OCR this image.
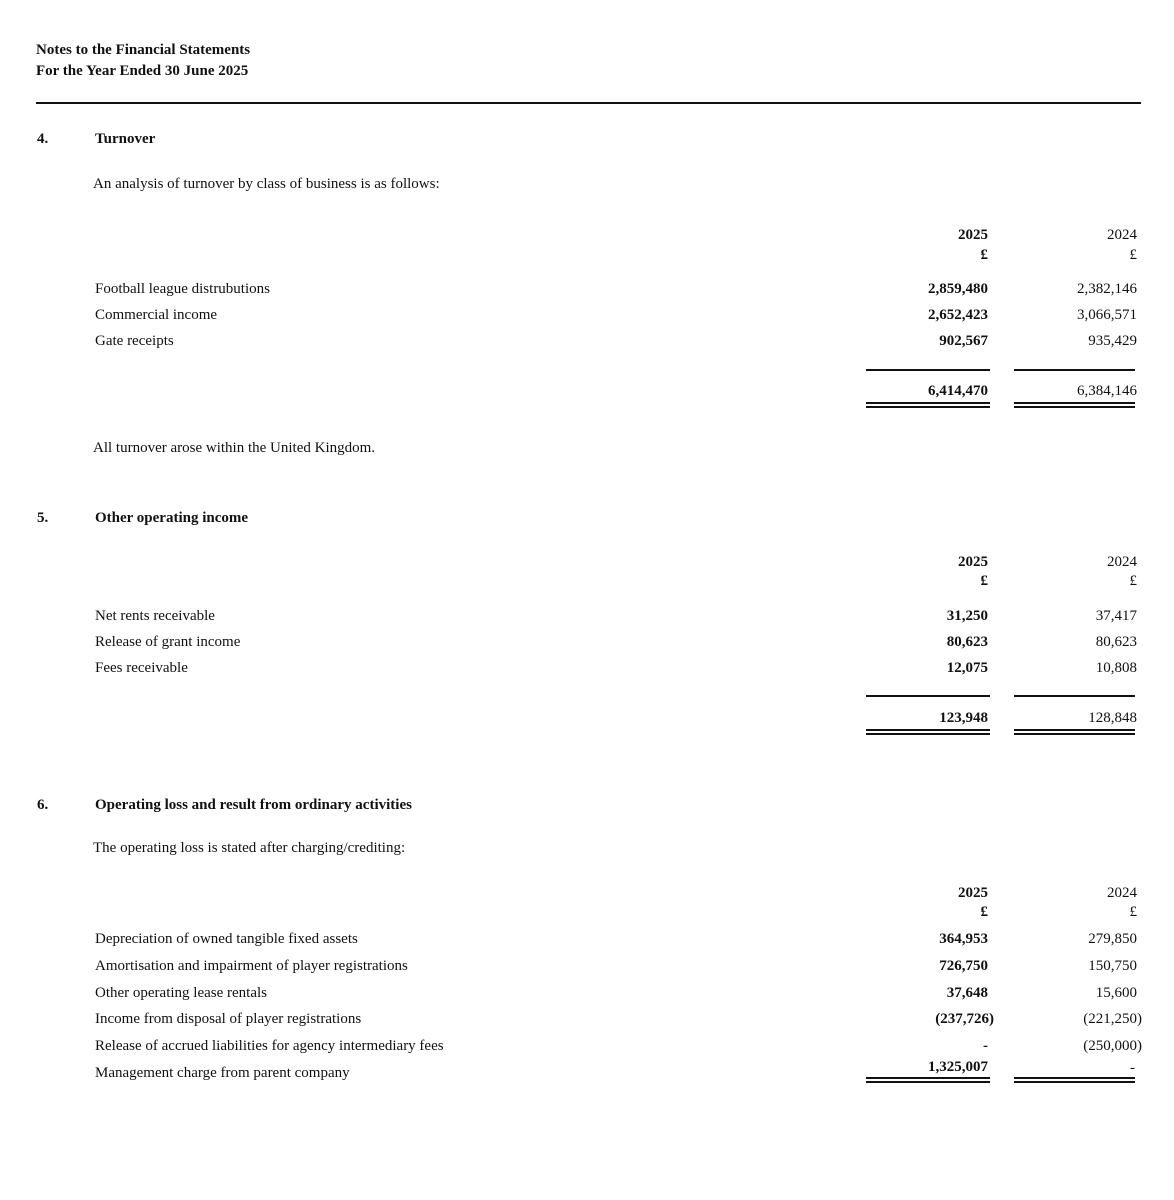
Notes to the Financial Statements
For the Year Ended 30 June 2025
4.	Turnover
An analysis of turnover by class of business is as follows:
2025	2024
£	£
Football league distrubutions	2,859,480	2,382,146
Commercial income	2,652,423	3,066,571
Gate receipts	902,567	935,429
6,414,470	6,384,146
All turnover arose within the United Kingdom.
5.	Other operating income
2025	2024
£	£
Net rents receivable	31,250	37,417
Release of grant income	80,623	80,623
Fees receivable	12,075	10,808
123,948	128,848
6.	Operating loss and result from ordinary activities
The operating loss is stated after charging/crediting:
2025	2024
£	£
Depreciation of owned tangible fixed assets	364,953	279,850
Amortisation and impairment of player registrations	726,750	150,750
Other operating lease rentals	37,648	15,600
Income from disposal of player registrations	(237,726)	(221,250)
Release of accrued liabilities for agency intermediary fees	-	(250,000)
Management charge from parent company	1,325,007	-
